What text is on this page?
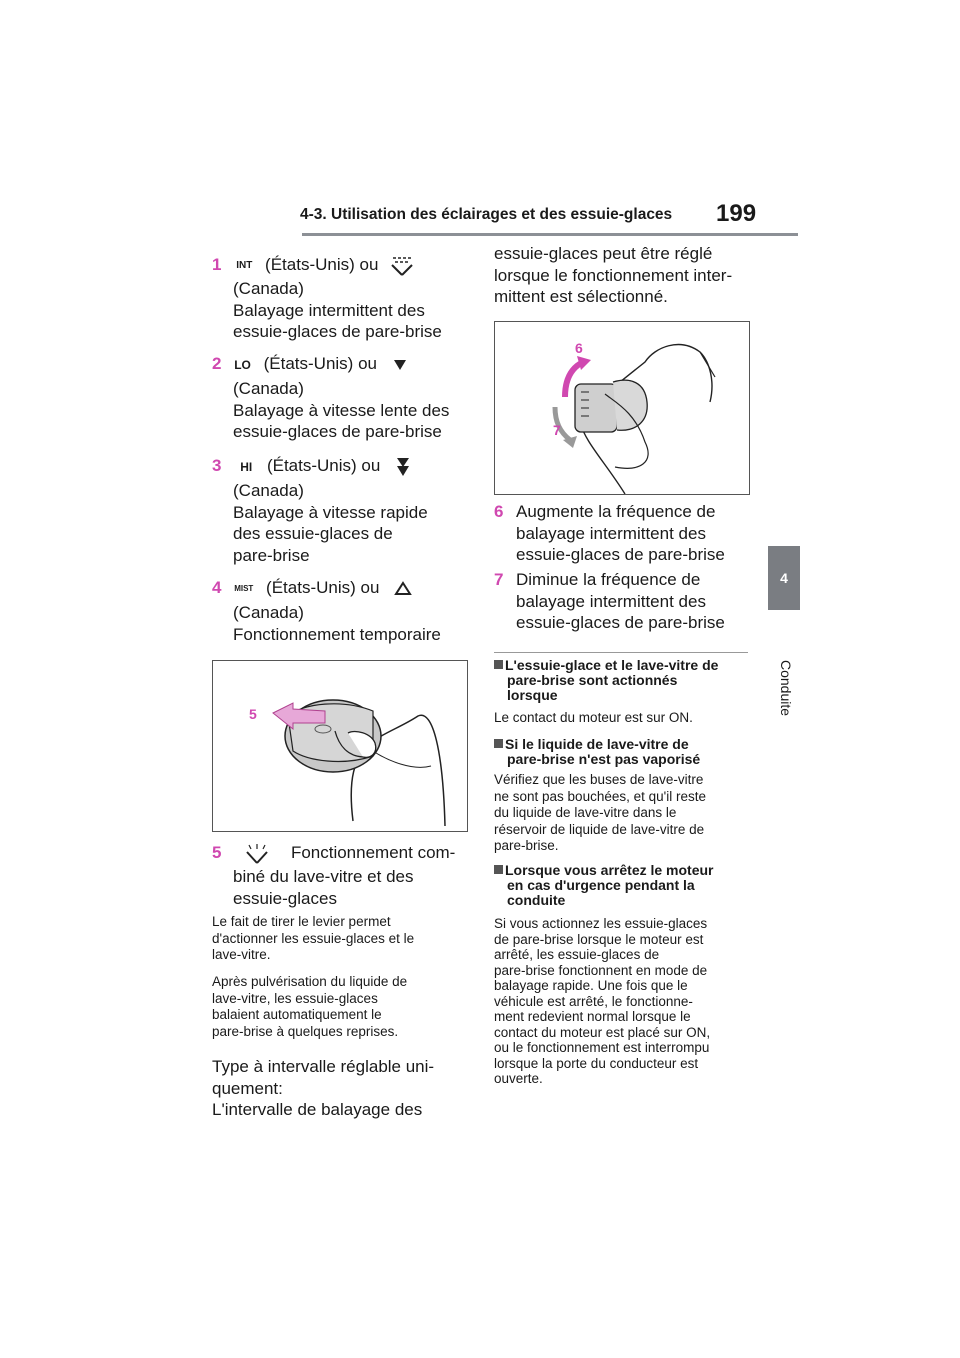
4-3. Utilisation des éclairages et des essuie-glaces 199
4
Conduite
1 INT (États-Unis) ou
(Canada)
Balayage intermittent des
essuie-glaces de pare-brise
2 LO (États-Unis) ou
(Canada)
Balayage à vitesse lente des
essuie-glaces de pare-brise
3 HI (États-Unis) ou
(Canada)
Balayage à vitesse rapide
des essuie-glaces de
pare-brise
4 MIST (États-Unis) ou
(Canada)
Fonctionnement temporaire
5
5	Fonctionnement com-
biné du lave-vitre et des
essuie-glaces
Le fait de tirer le levier permet
d'actionner les essuie-glaces et le
lave-vitre.
Après pulvérisation du liquide de
lave-vitre, les essuie-glaces
balaient automatiquement le
pare-brise à quelques reprises.
Type à intervalle réglable uni-
quement:
L'intervalle de balayage des
essuie-glaces peut être réglé
lorsque le fonctionnement inter-
mittent est sélectionné.
6
7
6 Augmente la fréquence de
balayage intermittent des
essuie-glaces de pare-brise
7 Diminue la fréquence de
balayage intermittent des
essuie-glaces de pare-brise
L'essuie-glace et le lave-vitre de
pare-brise sont actionnés
lorsque
Le contact du moteur est sur ON.
Si le liquide de lave-vitre de
pare-brise n'est pas vaporisé
Vérifiez que les buses de lave-vitre
ne sont pas bouchées, et qu'il reste
du liquide de lave-vitre dans le
réservoir de liquide de lave-vitre de
pare-brise.
Lorsque vous arrêtez le moteur
en cas d'urgence pendant la
conduite
Si vous actionnez les essuie-glaces
de pare-brise lorsque le moteur est
arrêté, les essuie-glaces de
pare-brise fonctionnent en mode de
balayage rapide. Une fois que le
véhicule est arrêté, le fonctionne-
ment redevient normal lorsque le
contact du moteur est placé sur ON,
ou le fonctionnement est interrompu
lorsque la porte du conducteur est
ouverte.
